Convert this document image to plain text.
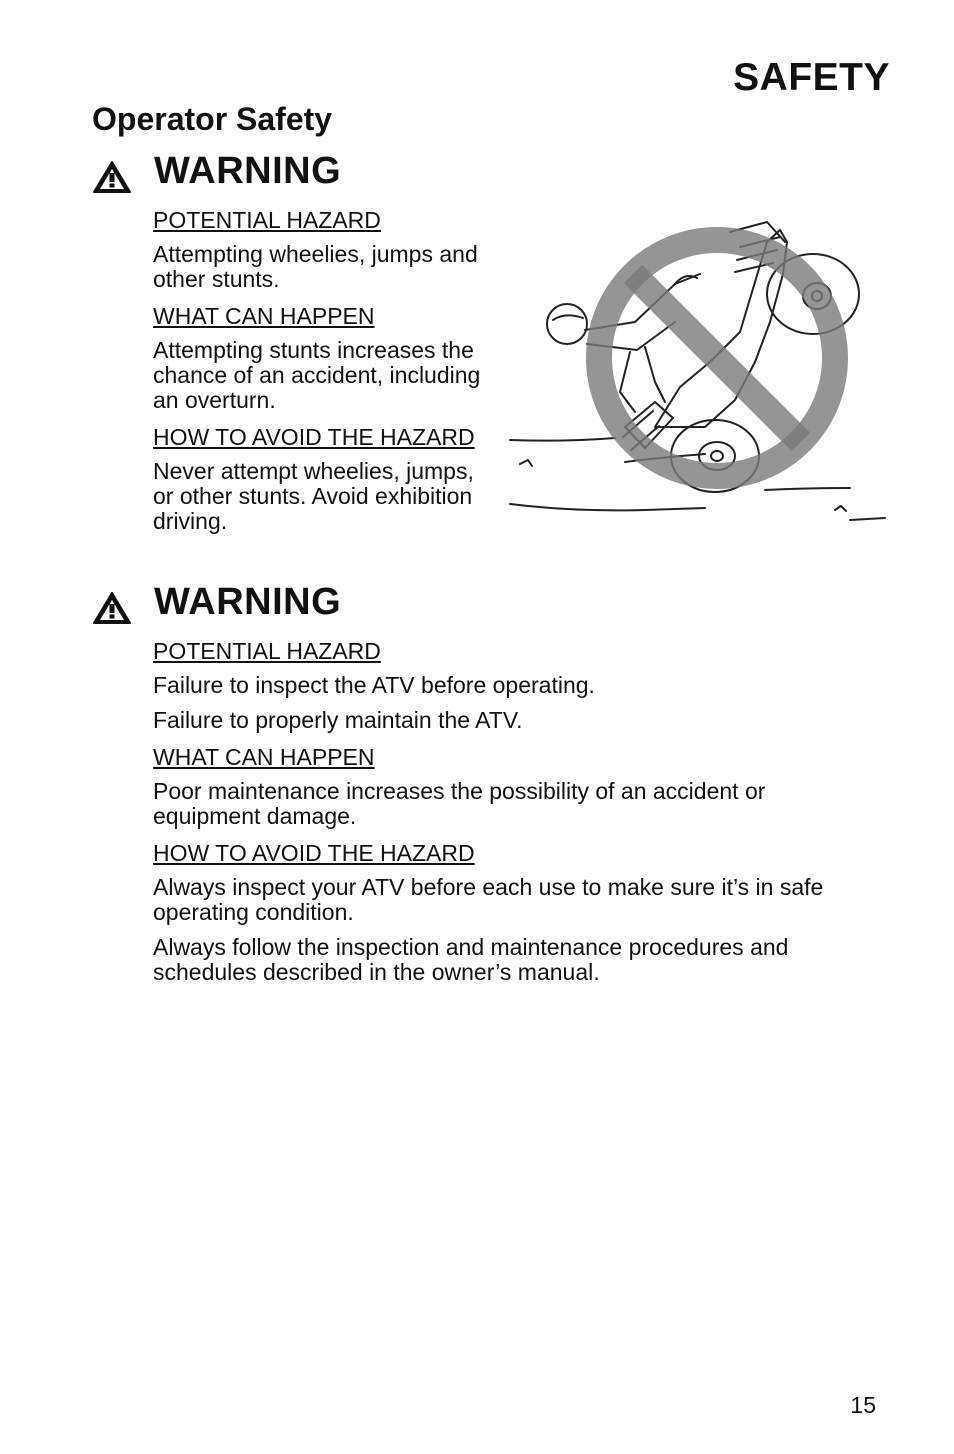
SAFETY
Operator Safety
WARNING

POTENTIAL HAZARD

Attempting wheelies, jumps and other stunts.

WHAT CAN HAPPEN

Attempting stunts increases the chance of an accident, including an overturn.

HOW TO AVOID THE HAZARD

Never attempt wheelies, jumps, or other stunts. Avoid exhibition driving.

WARNING

POTENTIAL HAZARD

Failure to inspect the ATV before operating.

Failure to properly maintain the ATV.

WHAT CAN HAPPEN

Poor maintenance increases the possibility of an accident or equipment damage.

HOW TO AVOID THE HAZARD

Always inspect your ATV before each use to make sure it’s in safe operating condition.

Always follow the inspection and maintenance procedures and schedules described in the owner’s manual.

15
